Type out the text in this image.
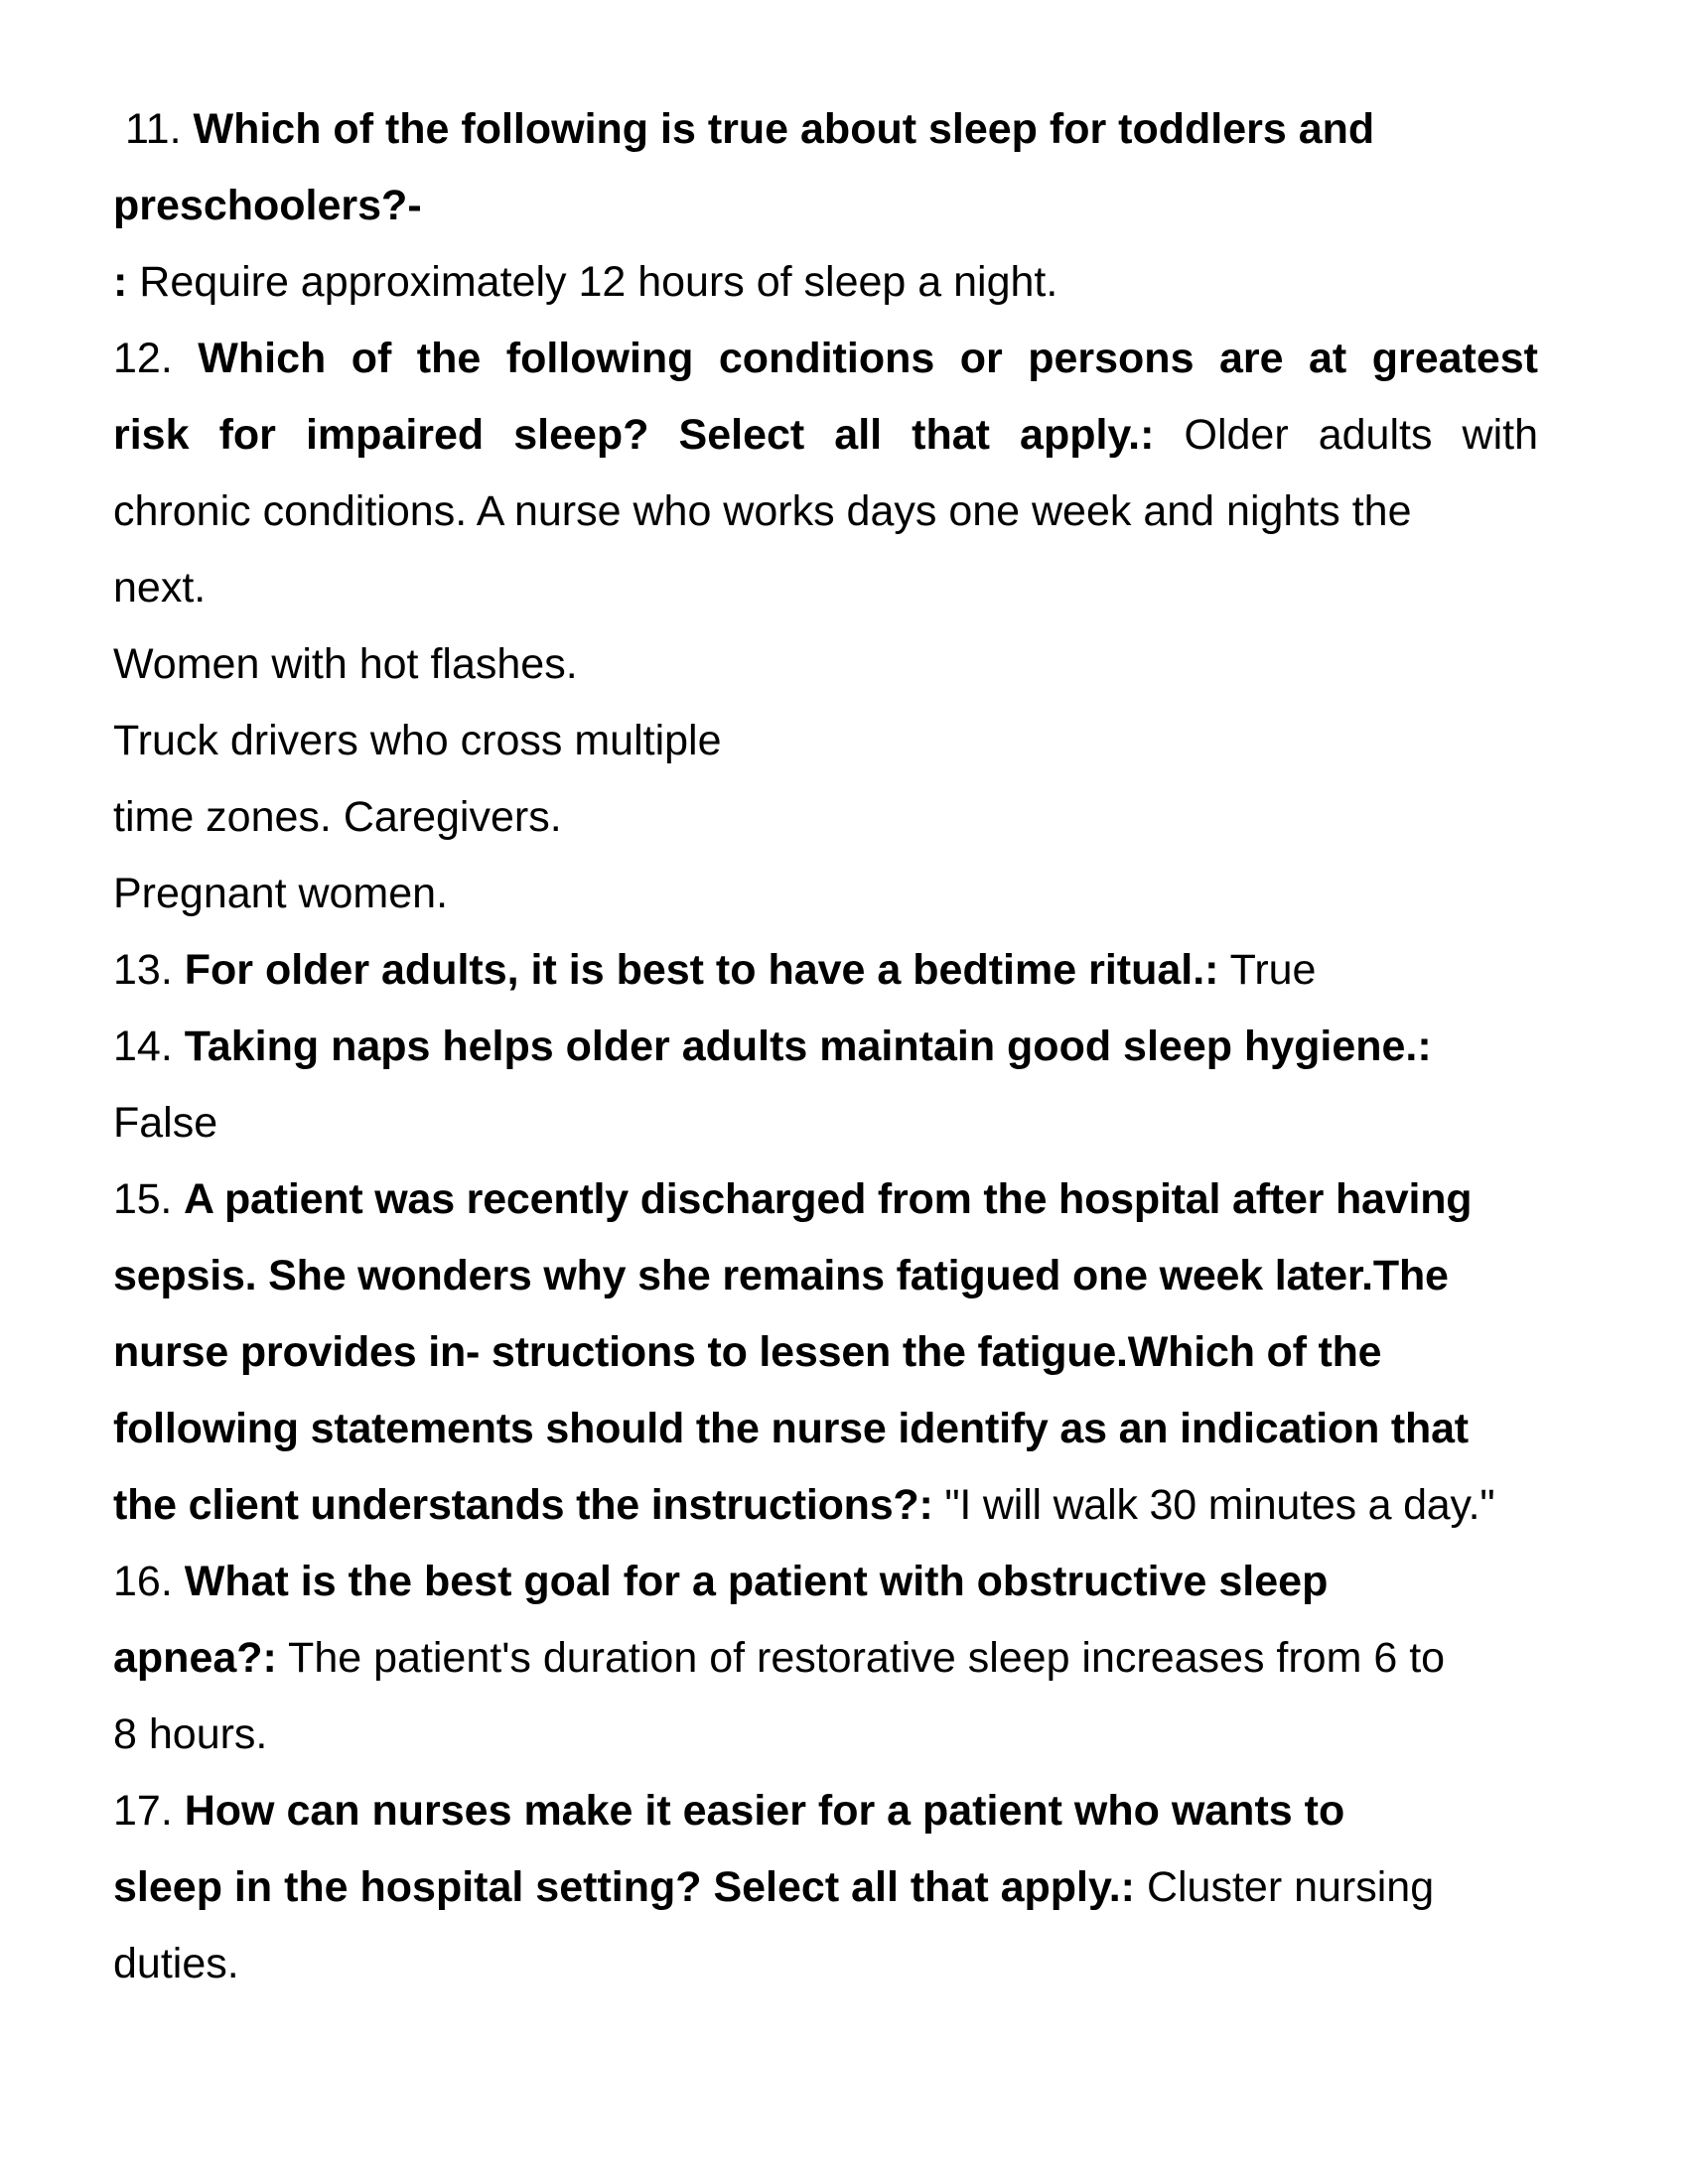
11. Which of the following is true about sleep for toddlers and
preschoolers?-
: Require approximately 12 hours of sleep a night.
12. Which of the following conditions or persons are at greatest
risk for impaired sleep? Select all that apply.: Older adults with
chronic conditions. A nurse who works days one week and nights the
next.
Women with hot flashes.
Truck drivers who cross multiple
time zones. Caregivers.
Pregnant women.
13. For older adults, it is best to have a bedtime ritual.: True
14. Taking naps helps older adults maintain good sleep hygiene.:
False
15. A patient was recently discharged from the hospital after having
sepsis. She wonders why she remains fatigued one week later.The
nurse provides in- structions to lessen the fatigue.Which of the
following statements should the nurse identify as an indication that
the client understands the instructions?: "I will walk 30 minutes a day."
16. What is the best goal for a patient with obstructive sleep
apnea?: The patient's duration of restorative sleep increases from 6 to
8 hours.
17. How can nurses make it easier for a patient who wants to
sleep in the hospital setting? Select all that apply.: Cluster nursing
duties.
